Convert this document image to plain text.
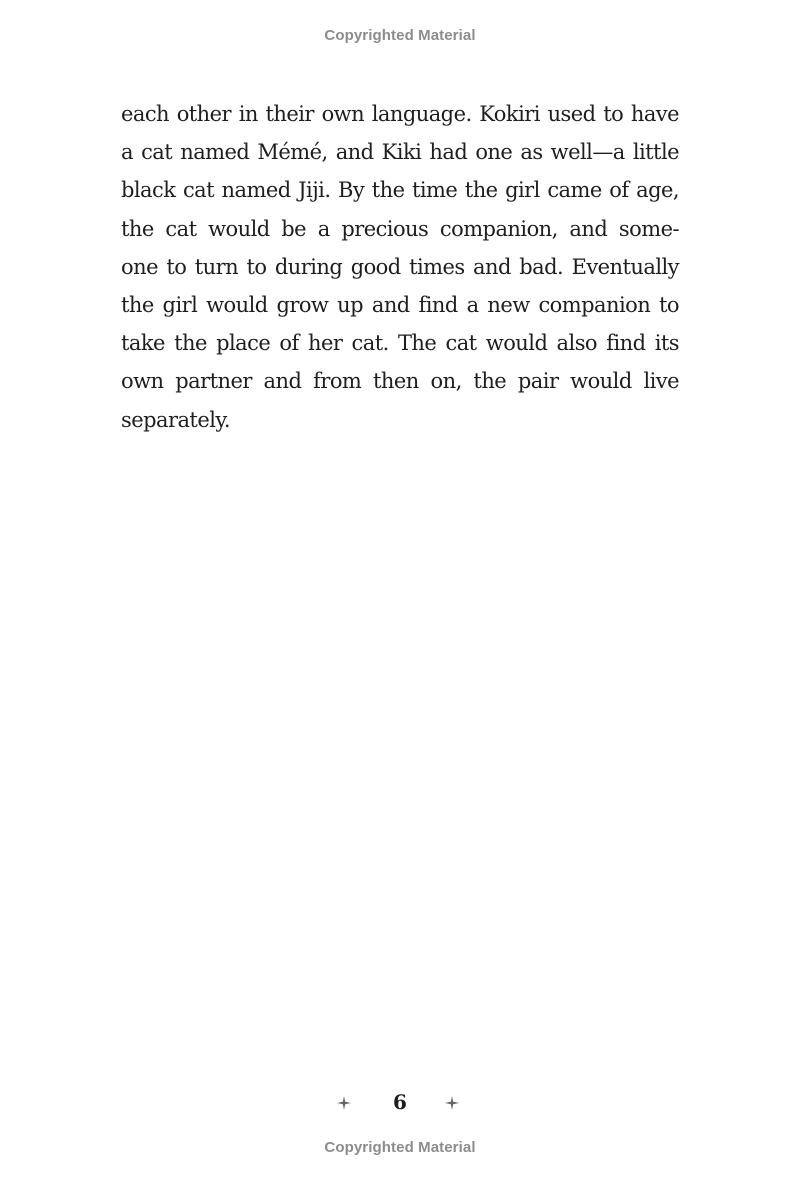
Copyrighted Material
each other in their own language. Kokiri used to have
a cat named Mémé, and Kiki had one as well—a little
black cat named Jiji. By the time the girl came of age,
the cat would be a precious companion, and some-
one to turn to during good times and bad. Eventually
the girl would grow up and find a new companion to
take the place of her cat. The cat would also find its
own partner and from then on, the pair would live
separately.
6
Copyrighted Material
